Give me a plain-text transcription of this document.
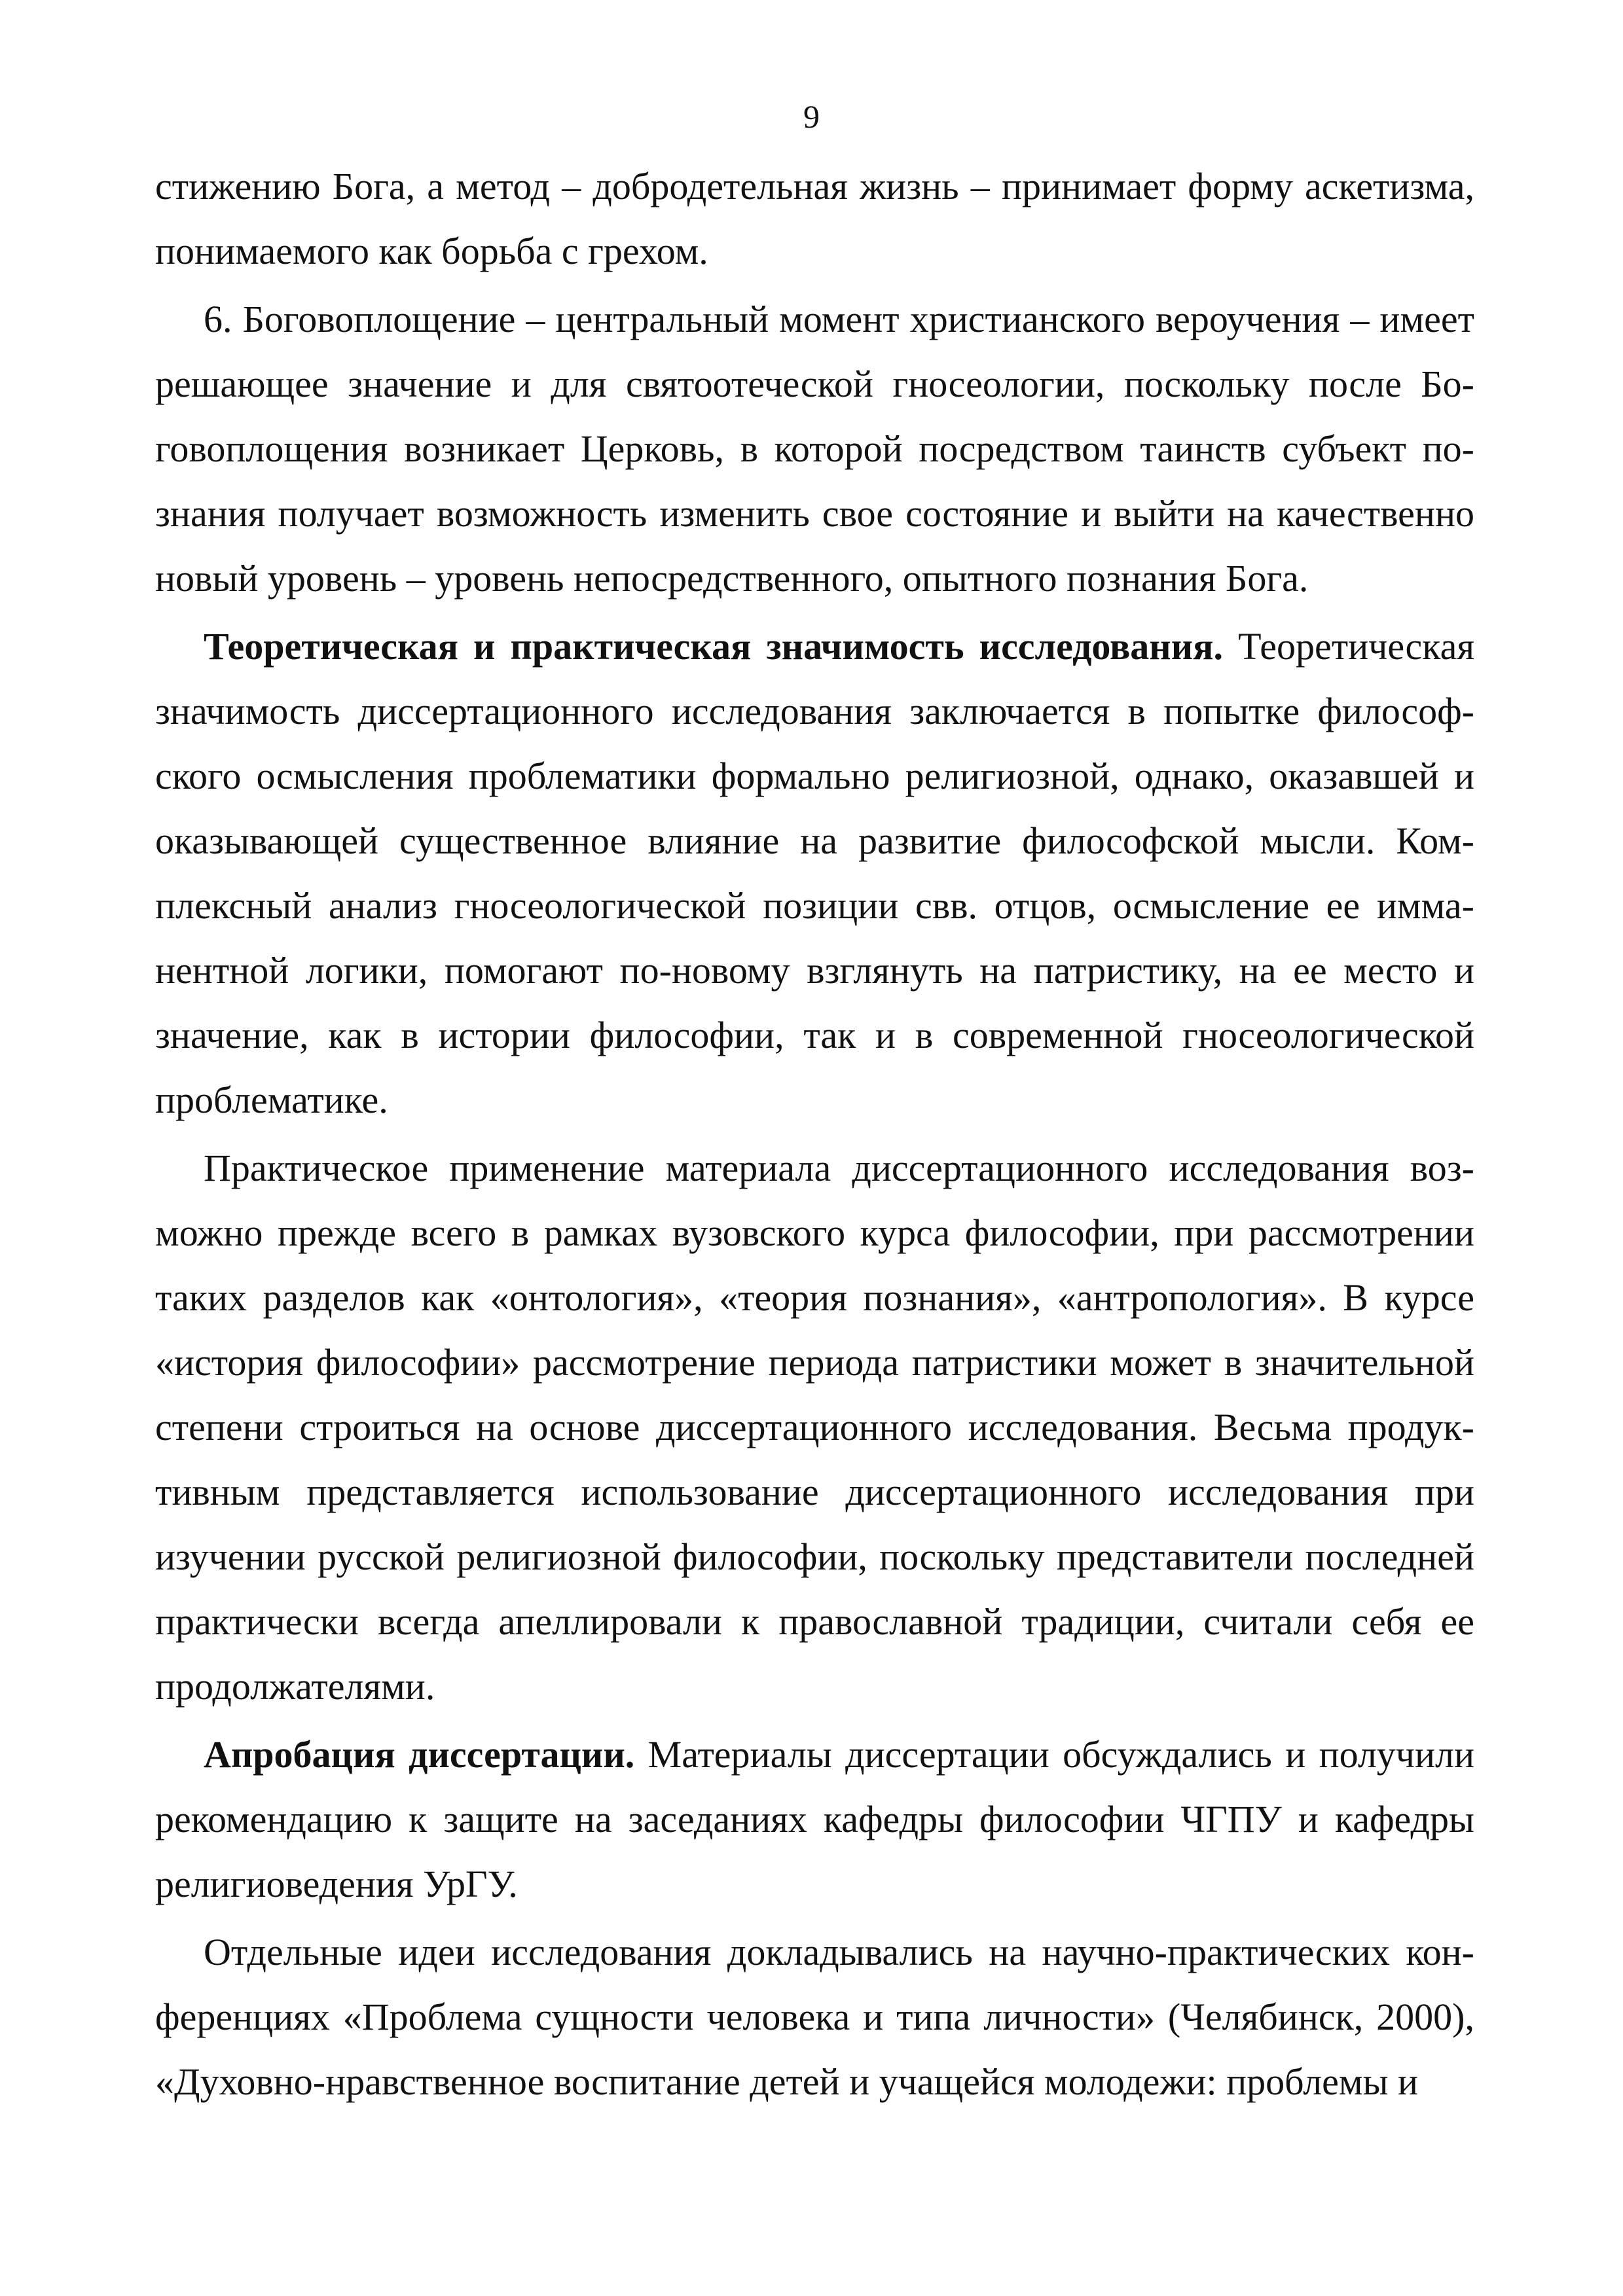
9

стижению Бога, а метод – добродетельная жизнь – принимает форму аскетизма, понимаемого как борьба с грехом.

6. Боговоплощение – центральный момент христианского вероучения – имеет решающее значение и для святоотеческой гносеологии, поскольку после Боговоплощения возникает Церковь, в которой посредством таинств субъект познания получает возможность изменить свое состояние и выйти на качественно новый уровень – уровень непосредственного, опытного познания Бога.

Теоретическая и практическая значимость исследования. Теоретическая значимость диссертационного исследования заключается в попытке философского осмысления проблематики формально религиозной, однако, оказавшей и оказывающей существенное влияние на развитие философской мысли. Комплексный анализ гносеологической позиции свв. отцов, осмысление ее имманентной логики, помогают по-новому взглянуть на патристику, на ее место и значение, как в истории философии, так и в современной гносеологической проблематике.

Практическое применение материала диссертационного исследования возможно прежде всего в рамках вузовского курса философии, при рассмотрении таких разделов как «онтология», «теория познания», «антропология». В курсе «история философии» рассмотрение периода патристики может в значительной степени строиться на основе диссертационного исследования. Весьма продуктивным представляется использование диссертационного исследования при изучении русской религиозной философии, поскольку представители последней практически всегда апеллировали к православной традиции, считали себя ее продолжателями.

Апробация диссертации. Материалы диссертации обсуждались и получили рекомендацию к защите на заседаниях кафедры философии ЧГПУ и кафедры религиоведения УрГУ.

Отдельные идеи исследования докладывались на научно-практических конференциях «Проблема сущности человека и типа личности» (Челябинск, 2000), «Духовно-нравственное воспитание детей и учащейся молодежи: проблемы и
